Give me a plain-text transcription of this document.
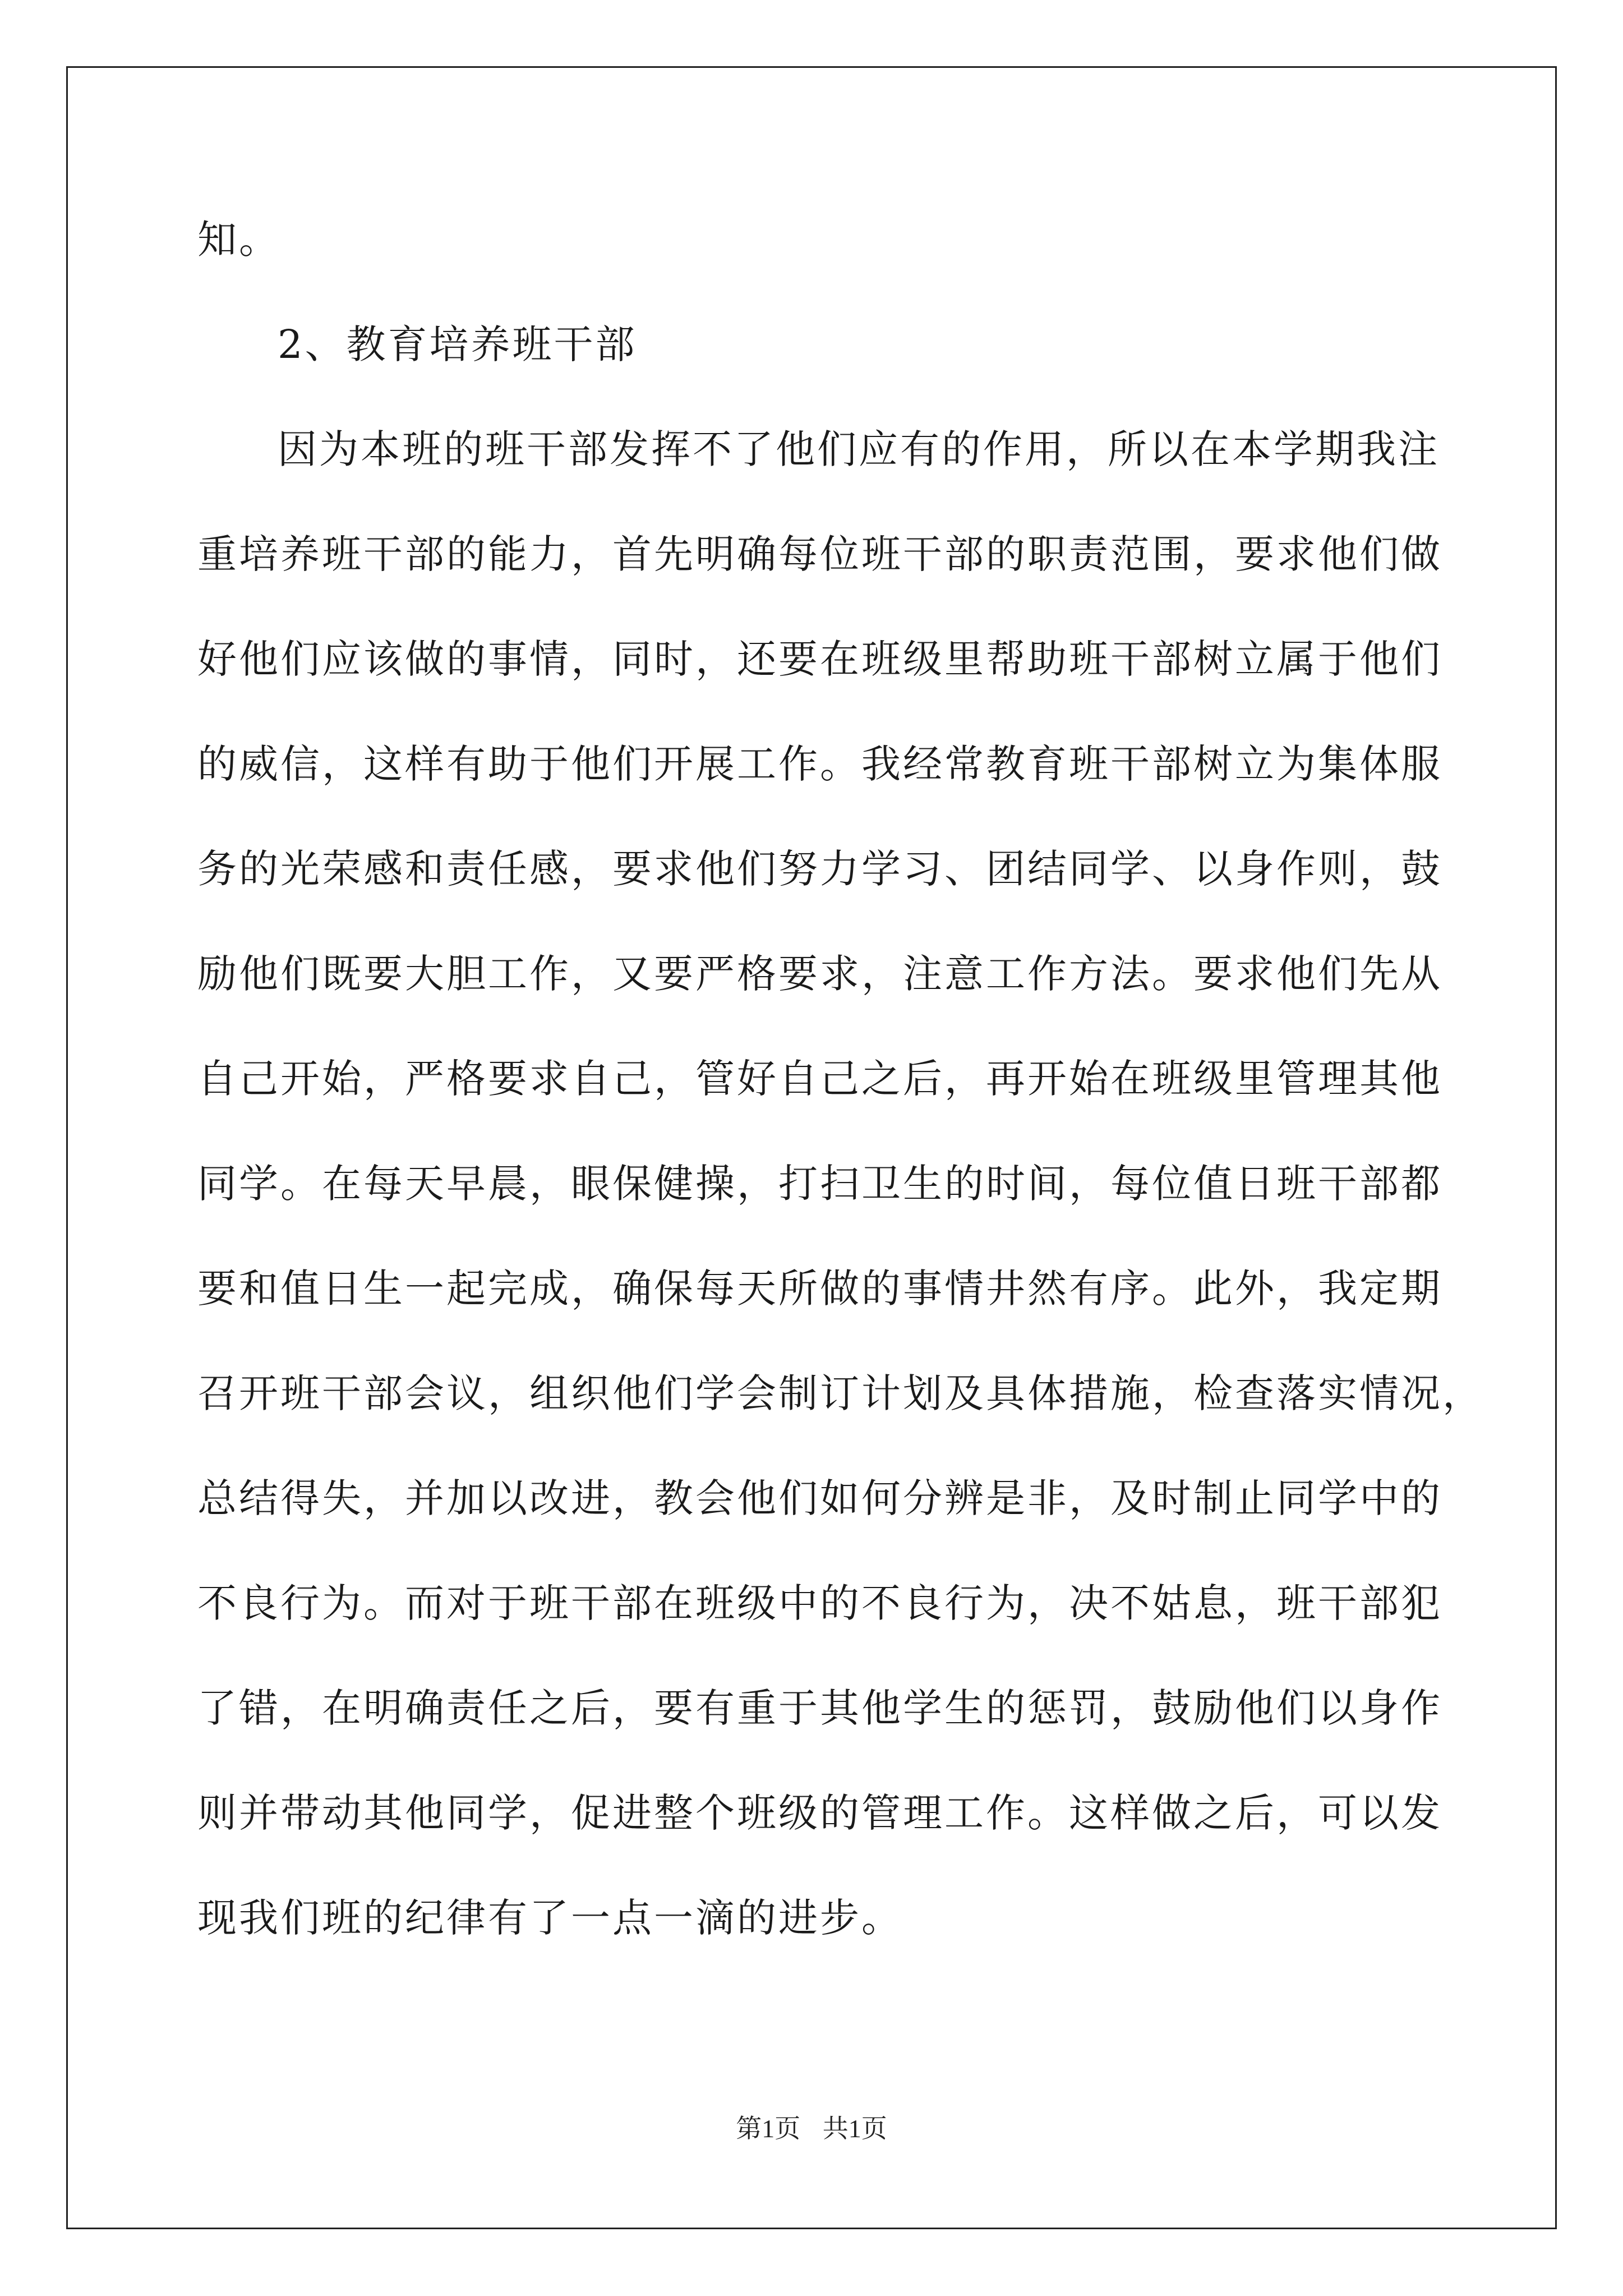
知。
2、教育培养班干部
因为本班的班干部发挥不了他们应有的作用，所以在本学期我注
重培养班干部的能力，首先明确每位班干部的职责范围，要求他们做
好他们应该做的事情，同时，还要在班级里帮助班干部树立属于他们
的威信，这样有助于他们开展工作。我经常教育班干部树立为集体服
务的光荣感和责任感，要求他们努力学习、团结同学、以身作则，鼓
励他们既要大胆工作，又要严格要求，注意工作方法。要求他们先从
自己开始，严格要求自己，管好自己之后，再开始在班级里管理其他
同学。在每天早晨，眼保健操，打扫卫生的时间，每位值日班干部都
要和值日生一起完成，确保每天所做的事情井然有序。此外，我定期
召开班干部会议，组织他们学会制订计划及具体措施，检查落实情况，
总结得失，并加以改进，教会他们如何分辨是非，及时制止同学中的
不良行为。而对于班干部在班级中的不良行为，决不姑息，班干部犯
了错，在明确责任之后，要有重于其他学生的惩罚，鼓励他们以身作
则并带动其他同学，促进整个班级的管理工作。这样做之后，可以发
现我们班的纪律有了一点一滴的进步。
第1页 共1页
